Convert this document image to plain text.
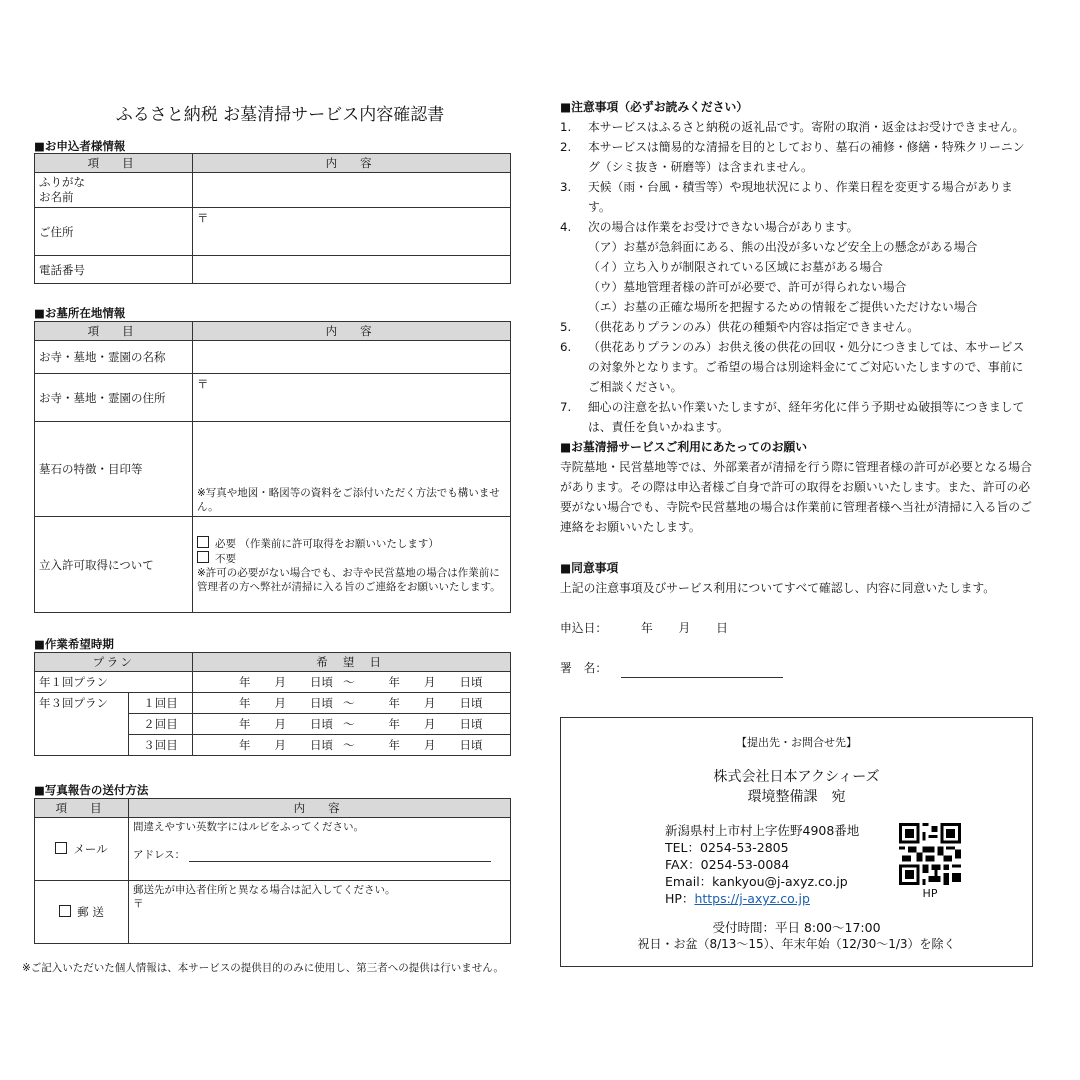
ふるさと納税 お墓清掃サービス内容確認書
■お申込者様情報
項　目	内　容

ふりがな
お名前	

ご住所	〒
電話番号	
■お墓所在地情報
項　目	内　容
お寺・墓地・霊園の名称	
お寺・墓地・霊園の住所	〒
墓石の特徴・目印等	※写真や地図・略図等の資料をご添付いただく方法でも構いません。

立入許可取得について	必要 （作業前に許可取得をお願いいたします）
不要
※許可の必要がない場合でも、お寺や民営墓地の場合は作業前に管理者の方へ弊社が清掃に入る旨のご連絡をお願いいたします。
■作業希望時期
プラン		希 望 日
年１回プラン		年 月 日頃 ～ 年 月 日頃
年３回プラン	１回目	年 月 日頃 ～ 年 月 日頃
	２回目	年 月 日頃 ～ 年 月 日頃
	３回目	年 月 日頃 ～ 年 月 日頃
■写真報告の送付方法
項　目	内　容
メール	間違えやすい英数字にはルビをふってください。
アドレス：

郵 送	郵送先が申込者住所と異なる場合は記入してください。
〒
※ご記入いただいた個人情報は、本サービスの提供目的のみに使用し、第三者への提供は行いません。
■注意事項（必ずお読みください）
1. 本サービスはふるさと納税の返礼品です。寄附の取消・返金はお受けできません。
2. 本サービスは簡易的な清掃を目的としており、墓石の補修・修繕・特殊クリーニング（シミ抜き・研磨等）は含まれません。
3. 天候（雨・台風・積雪等）や現地状況により、作業日程を変更する場合があります。
4. 次の場合は作業をお受けできない場合があります。
（ア）お墓が急斜面にある、熊の出没が多いなど安全上の懸念がある場合
（イ）立ち入りが制限されている区域にお墓がある場合
（ウ）墓地管理者様の許可が必要で、許可が得られない場合
（エ）お墓の正確な場所を把握するための情報をご提供いただけない場合
5. （供花ありプランのみ）供花の種類や内容は指定できません。
6. （供花ありプランのみ）お供え後の供花の回収・処分につきましては、本サービスの対象外となります。ご希望の場合は別途料金にてご対応いたしますので、事前にご相談ください。
7. 細心の注意を払い作業いたしますが、経年劣化に伴う予期せぬ破損等につきましては、責任を負いかねます。
■お墓清掃サービスご利用にあたってのお願い
寺院墓地・民営墓地等では、外部業者が清掃を行う際に管理者様の許可が必要となる場合があります。その際は申込者様ご自身で許可の取得をお願いいたします。また、許可の必要がない場合でも、寺院や民営墓地の場合は作業前に管理者様へ当社が清掃に入る旨のご連絡をお願いいたします。
■同意事項
上記の注意事項及びサービス利用についてすべて確認し、内容に同意いたします。
申込日：	年 月 日
署　名：
【提出先・お問合せ先】
株式会社日本アクシィーズ
環境整備課　宛
新潟県村上市村上字佐野4908番地
TEL：0254-53-2805
FAX：0254-53-0084
Email：kankyou@j-axyz.co.jp
HP：https://j-axyz.co.jp	HP
受付時間：平日 8:00～17:00
祝日・お盆（8/13～15）、年末年始（12/30～1/3）を除く
